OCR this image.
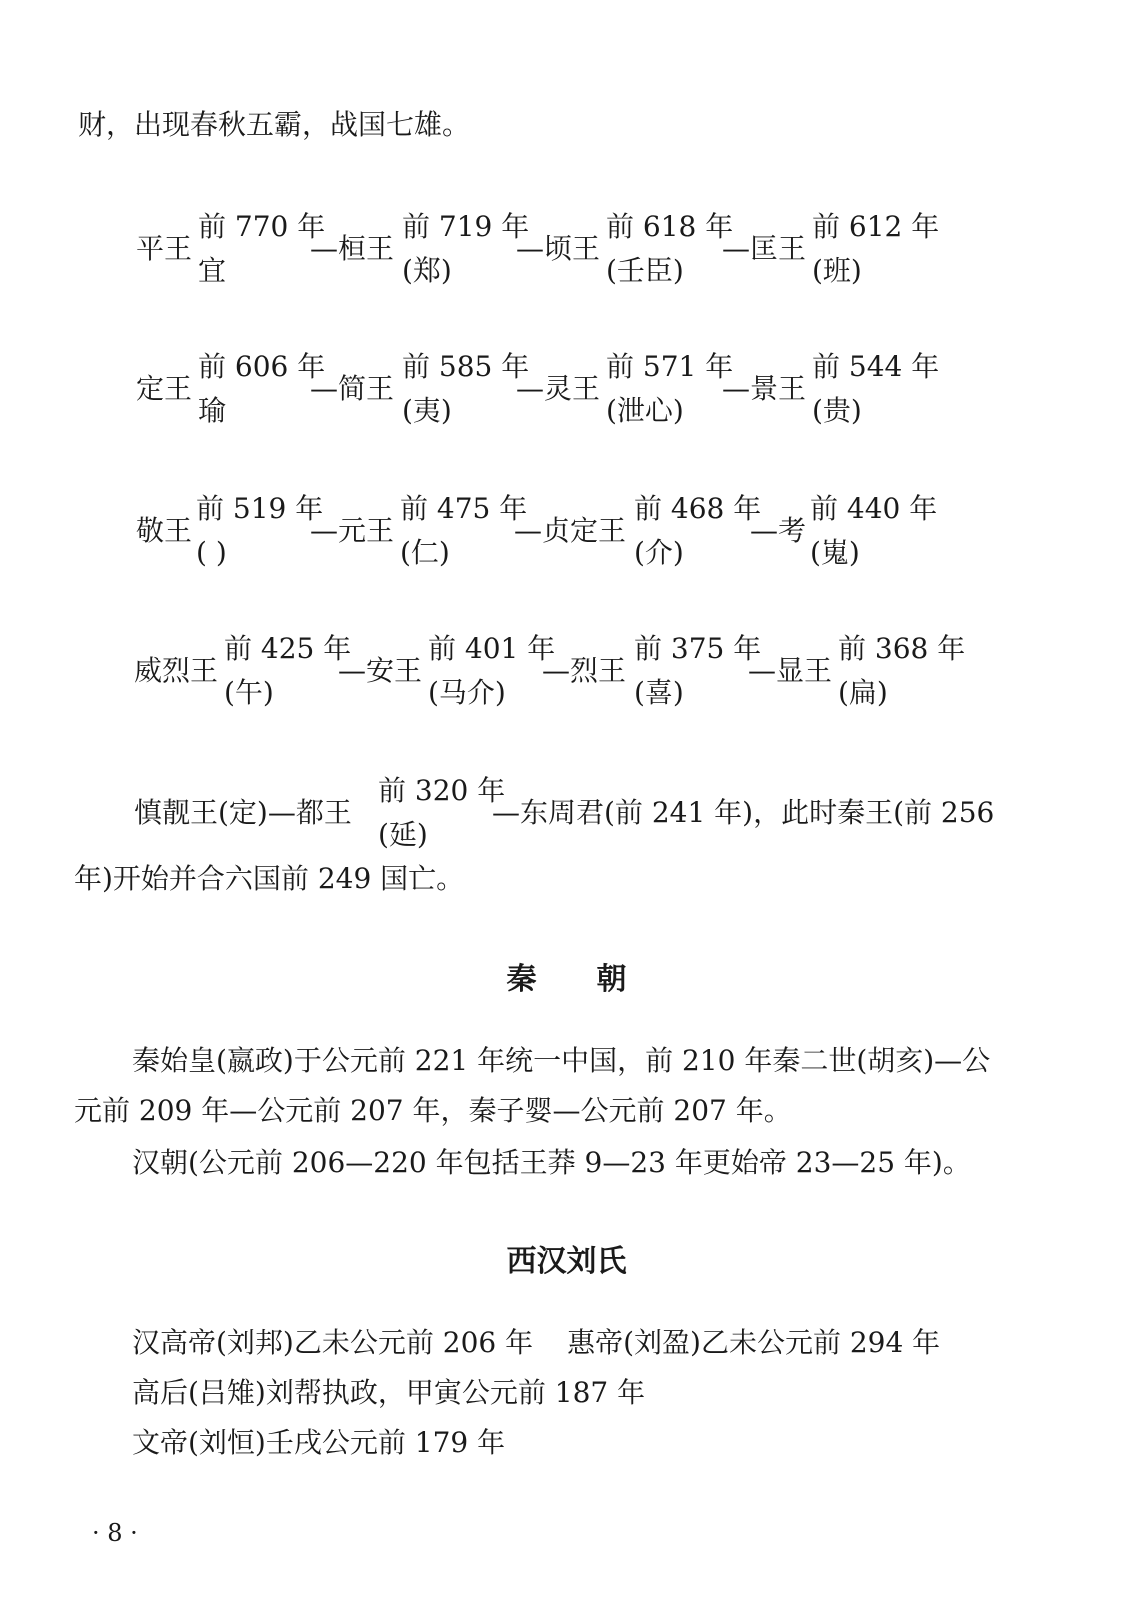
财，出现春秋五霸，战国七雄。
平王
前 770 年
宜
—桓王
前 719 年
(郑)
—顷王
前 618 年
(壬臣)
—匡王
前 612 年
(班)
定王
前 606 年
瑜
—简王
前 585 年
(夷)
—灵王
前 571 年
(泄心)
—景王
前 544 年
(贵)
敬王
前 519 年
( )
—元王
前 475 年
(仁)
—贞定王
前 468 年
(介)
—考
前 440 年
(嵬)
威烈王
前 425 年
(午)
—安王
前 401 年
(马介)
—烈王
前 375 年
(喜)
—显王
前 368 年
(扁)
慎靓王(定)—都王
前 320 年
(延)
—东周君(前 241 年)，此时秦王(前 256
年)开始并合六国前 249 国亡。
秦　　朝
秦始皇(嬴政)于公元前 221 年统一中国，前 210 年秦二世(胡亥)—公
元前 209 年—公元前 207 年，秦子婴—公元前 207 年。
汉朝(公元前 206—220 年包括王莽 9—23 年更始帝 23—25 年)。
西汉刘氏
汉高帝(刘邦)乙未公元前 206 年 惠帝(刘盈)乙未公元前 294 年
高后(吕雉)刘帮执政，甲寅公元前 187 年
文帝(刘恒)壬戌公元前 179 年
· 8 ·
